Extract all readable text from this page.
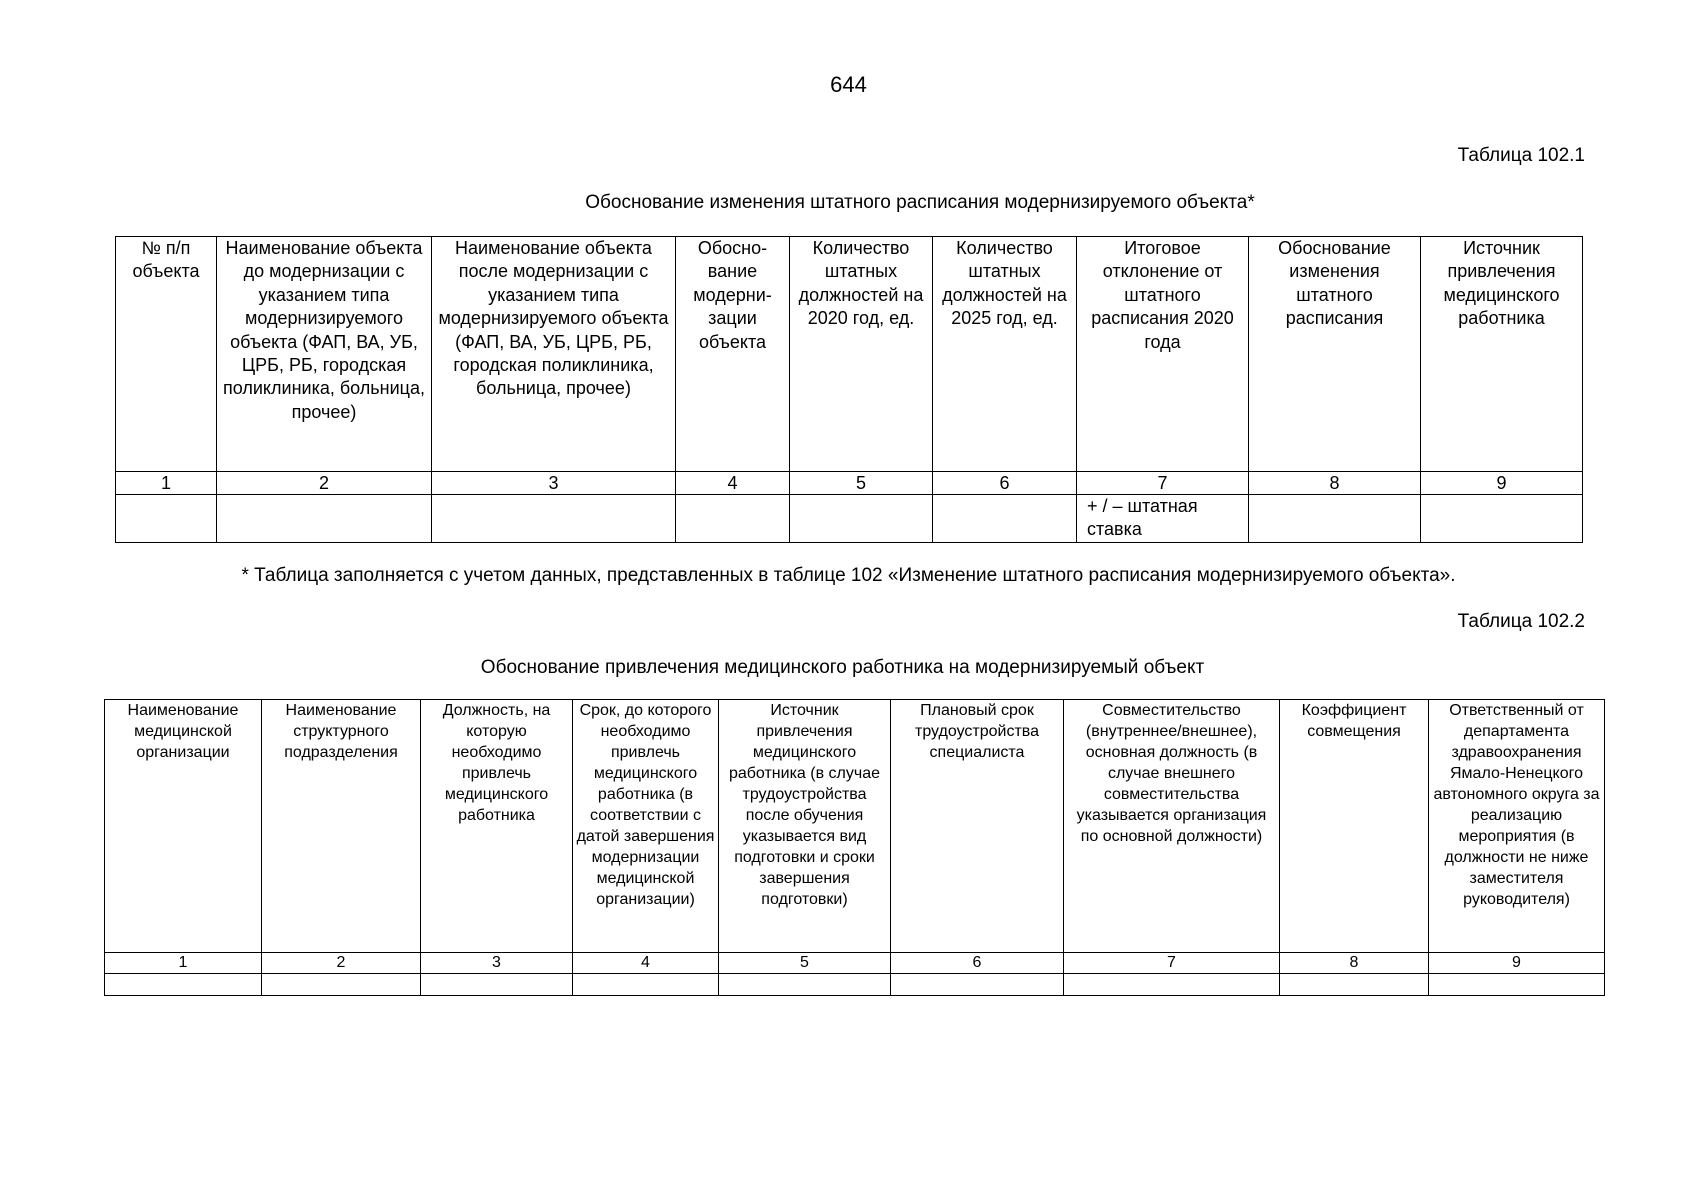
644
Таблица 102.1
Обоснование изменения штатного расписания модернизируемого объекта*
№ п/п объекта	Наименование объекта до модернизации с указанием типа модернизируемого объекта (ФАП, ВА, УБ, ЦРБ, РБ, городская поликлиника, больница, прочее)	Наименование объекта после модернизации с указанием типа модернизируемого объекта (ФАП, ВА, УБ, ЦРБ, РБ, городская поликлиника, больница, прочее)	Обосно-вание модерни-зации объекта	Количество штатных должностей на 2020 год, ед.	Количество штатных должностей на 2025 год, ед.	Итоговое отклонение от штатного расписания 2020 года	Обоснование изменения штатного расписания	Источник привлечения медицинского работника
1	2	3	4	5	6	7	8	9
						+ / – штатная ставка		
* Таблица заполняется с учетом данных, представленных в таблице 102 «Изменение штатного расписания модернизируемого объекта».
Таблица 102.2
Обоснование привлечения медицинского работника на модернизируемый объект
Наименование медицинской организации	Наименование структурного подразделения	Должность, на которую необходимо привлечь медицинского работника	Срок, до которого необходимо привлечь медицинского работника (в соответствии с датой завершения модернизации медицинской организации)	Источник привлечения медицинского работника (в случае трудоустройства после обучения указывается вид подготовки и сроки завершения подготовки)	Плановый срок трудоустройства специалиста	Совместительство (внутреннее/внешнее), основная должность (в случае внешнего совместительства указывается организация по основной должности)	Коэффициент совмещения	Ответственный от департамента здравоохранения Ямало-Ненецкого автономного округа за реализацию мероприятия (в должности не ниже заместителя руководителя)
1	2	3	4	5	6	7	8	9
